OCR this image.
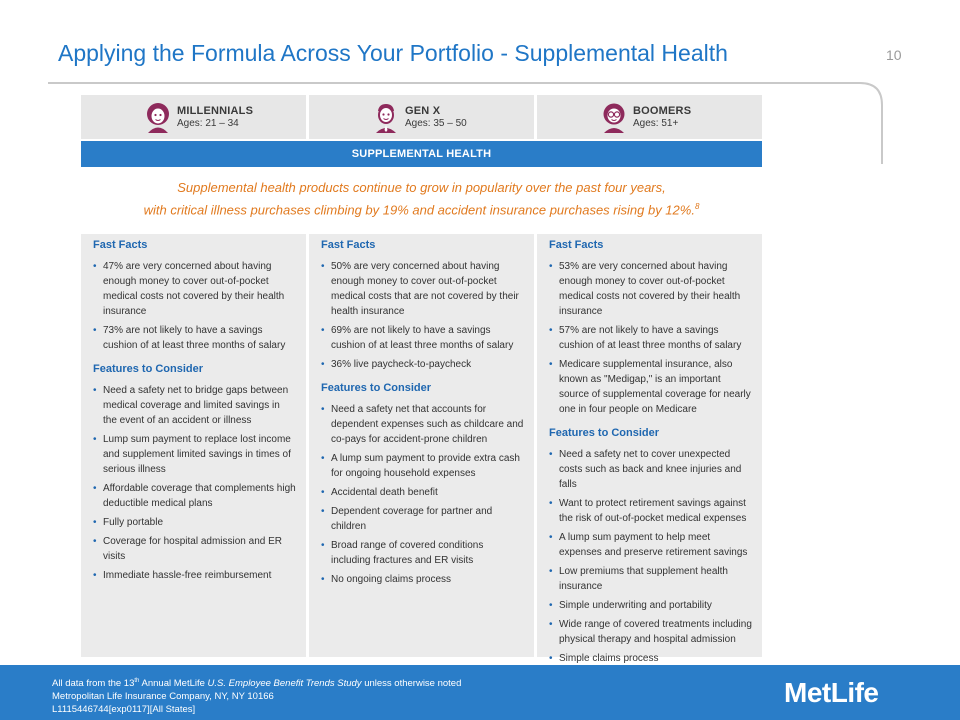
Applying the Formula Across Your Portfolio - Supplemental Health	10
MILLENNIALS
Ages: 21 – 34
GEN X
Ages: 35 – 50
BOOMERS
Ages: 51+
SUPPLEMENTAL HEALTH
Supplemental health products continue to grow in popularity over the past four years,
with critical illness purchases climbing by 19% and accident insurance purchases rising by 12%.$^8$
Fast Facts
• 47% are very concerned about having enough money to cover out-of-pocket medical costs not covered by their health insurance
• 73% are not likely to have a savings cushion of at least three months of salary
Features to Consider
• Need a safety net to bridge gaps between medical coverage and limited savings in the event of an accident or illness
• Lump sum payment to replace lost income and supplement limited savings in times of serious illness
• Affordable coverage that complements high deductible medical plans
• Fully portable
• Coverage for hospital admission and ER visits
• Immediate hassle-free reimbursement
Fast Facts
• 50% are very concerned about having enough money to cover out-of-pocket medical costs that are not covered by their health insurance
• 69% are not likely to have a savings cushion of at least three months of salary
• 36% live paycheck-to-paycheck
Features to Consider
• Need a safety net that accounts for dependent expenses such as childcare and co-pays for accident-prone children
• A lump sum payment to provide extra cash for ongoing household expenses
• Accidental death benefit
• Dependent coverage for partner and children
• Broad range of covered conditions including fractures and ER visits
• No ongoing claims process
Fast Facts
• 53% are very concerned about having enough money to cover out-of-pocket medical costs not covered by their health insurance
• 57% are not likely to have a savings cushion of at least three months of salary
• Medicare supplemental insurance, also known as "Medigap," is an important source of supplemental coverage for nearly one in four people on Medicare
Features to Consider
• Need a safety net to cover unexpected costs such as back and knee injuries and falls
• Want to protect retirement savings against the risk of out-of-pocket medical expenses
• A lump sum payment to help meet expenses and preserve retirement savings
• Low premiums that supplement health insurance
• Simple underwriting and portability
• Wide range of covered treatments including physical therapy and hospital admission
• Simple claims process
All data from the 13th Annual MetLife U.S. Employee Benefit Trends Study unless otherwise noted
Metropolitan Life Insurance Company, NY, NY 10166
L1115446744[exp0117][All States]
MetLife
